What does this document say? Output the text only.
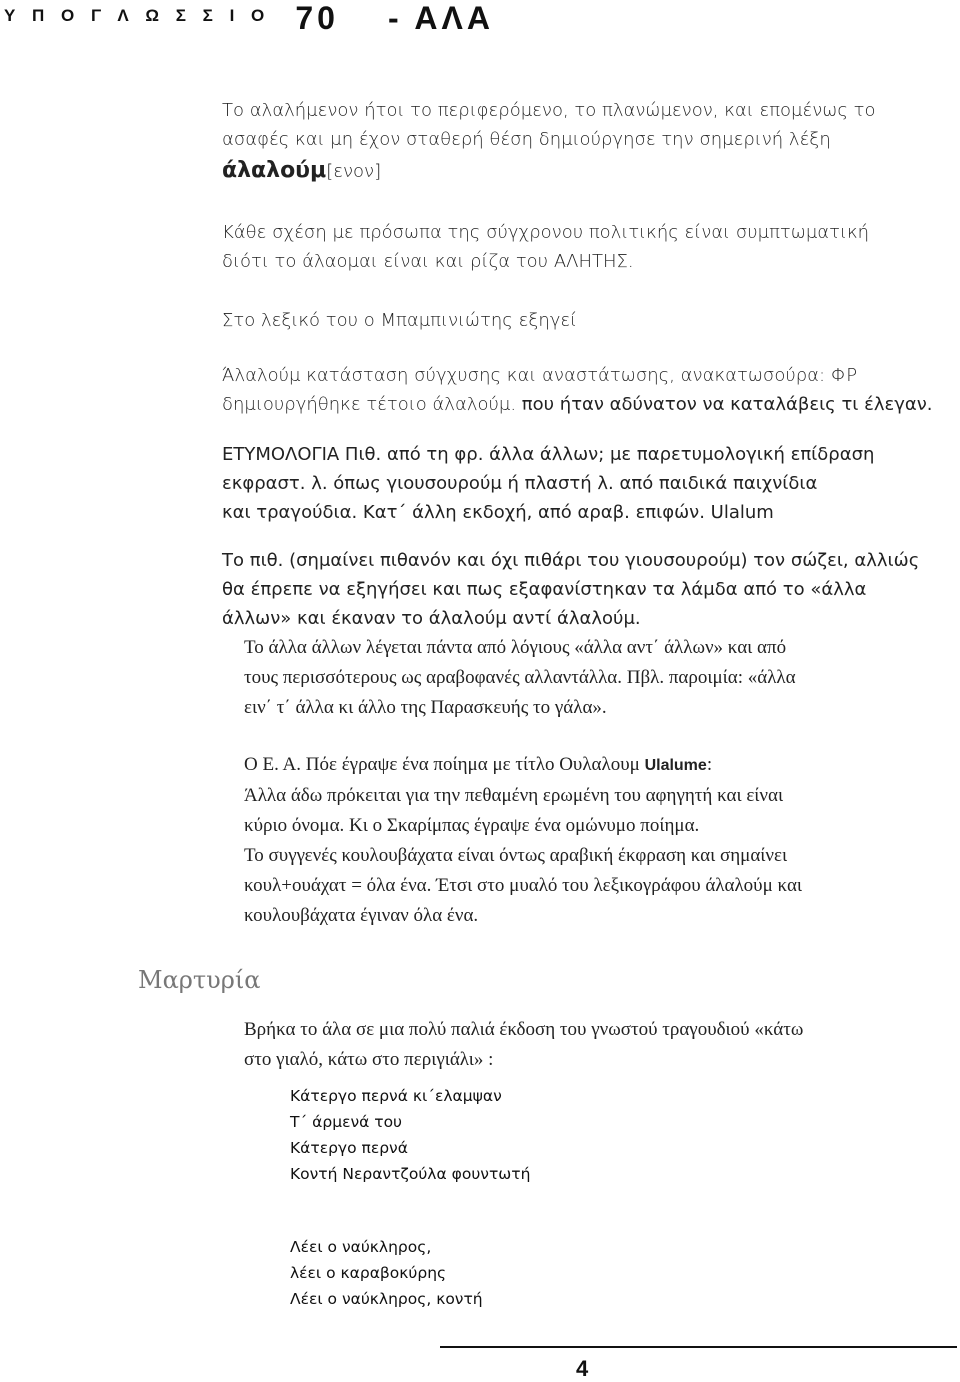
Υ Π Ο Γ Λ Ω Σ Σ Ι Ο 70 - ΑΛΑ
Το αλαλήμενον ήτοι το περιφερόμενο, το πλανώμενον, και επομένως το
ασαφές και μη έχον σταθερή θέση δημιούργησε την σημερινή λέξη
άλαλούμ[ενον]
Κάθε σχέση με πρόσωπα της σύγχρονου πολιτικής είναι συμπτωματική
διότι το άλαομαι είναι και ρίζα του ΑΛΗΤΗΣ.
Στο λεξικό του ο Μπαμπινιώτης εξηγεί
Άλαλούμ κατάσταση σύγχυσης και αναστάτωσης, ανακατωσούρα: ΦΡ
δημιουργήθηκε τέτοιο άλαλούμ. που ήταν αδύνατον να καταλάβεις τι έλεγαν.
ΕΤΥΜΟΛΟΓΙΑ Πιθ. από τη φρ. άλλα άλλων; με παρετυμολογική επίδραση
εκφραστ. λ. όπως γιουσουρούμ ή πλαστή λ. από παιδικά παιχνίδια
και τραγούδια. Κατ΄ άλλη εκδοχή, από αραβ. επιφών. Ulalum
Το πιθ. (σημαίνει πιθανόν και όχι πιθάρι του γιουσουρούμ) τον σώζει, αλλιώς
θα έπρεπε να εξηγήσει και πως εξαφανίστηκαν τα λάμδα από το «άλλα
άλλων» και έκαναν το άλαλούμ αντί άλαλούμ.
Το άλλα άλλων λέγεται πάντα από λόγιους «άλλα αντ΄ άλλων» και από
τους περισσότερους ως αραβοφανές αλλαντάλλα. Πβλ. παροιμία: «άλλα
ειν΄ τ΄ άλλα κι άλλο της Παρασκευής το γάλα».
Ο Ε. Α. Πόε έγραψε ένα ποίημα με τίτλο Ουλαλουμ Ulalume:
Άλλα άδω πρόκειται για την πεθαμένη ερωμένη του αφηγητή και είναι
κύριο όνομα. Κι ο Σκαρίμπας έγραψε ένα ομώνυμο ποίημα.
Το συγγενές κουλουβάχατα είναι όντως αραβική έκφραση και σημαίνει
κουλ+ουάχατ = όλα ένα. Έτσι στο μυαλό του λεξικογράφου άλαλούμ και
κουλουβάχατα έγιναν όλα ένα.
Μαρτυρία
Βρήκα το άλα σε μια πολύ παλιά έκδοση του γνωστού τραγουδιού «κάτω
στο γιαλό, κάτω στο περιγιάλι» :
Κάτεργο περνά κι΄ελαμψαν
Τ΄ άρμενά του
Κάτεργο περνά
Κοντή Νεραντζούλα φουντωτή
Λέει ο ναύκληρος,
λέει ο καραβοκύρης
Λέει ο ναύκληρος, κοντή
4
